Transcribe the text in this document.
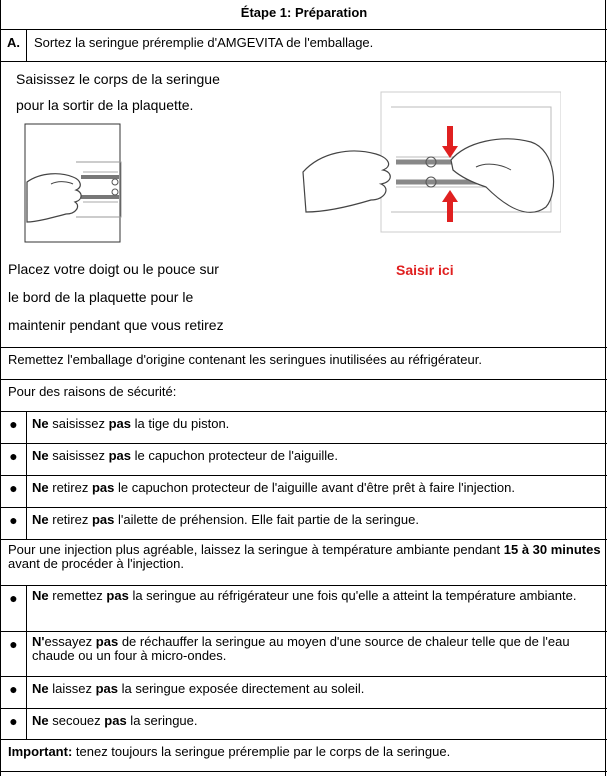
Étape 1: Préparation
A.	Sortez la seringue préremplie d'AMGEVITA de l'emballage.
Saisissez le corps de la seringue
pour la sortir de la plaquette.
Placez votre doigt ou le pouce sur
le bord de la plaquette pour le
maintenir pendant que vous retirez
Saisir ici
Remettez l'emballage d'origine contenant les seringues inutilisées au réfrigérateur.
Pour des raisons de sécurité:
●	Ne saisissez pas la tige du piston.
●	Ne saisissez pas le capuchon protecteur de l'aiguille.
●	Ne retirez pas le capuchon protecteur de l'aiguille avant d'être prêt à faire l'injection.
●	Ne retirez pas l'ailette de préhension. Elle fait partie de la seringue.
Pour une injection plus agréable, laissez la seringue à température ambiante pendant 15 à 30 minutes avant de procéder à l'injection.
●	Ne remettez pas la seringue au réfrigérateur une fois qu'elle a atteint la température ambiante.
●	N'essayez pas de réchauffer la seringue au moyen d'une source de chaleur telle que de l'eau chaude ou un four à micro-ondes.
●	Ne laissez pas la seringue exposée directement au soleil.
●	Ne secouez pas la seringue.
Important: tenez toujours la seringue préremplie par le corps de la seringue.
